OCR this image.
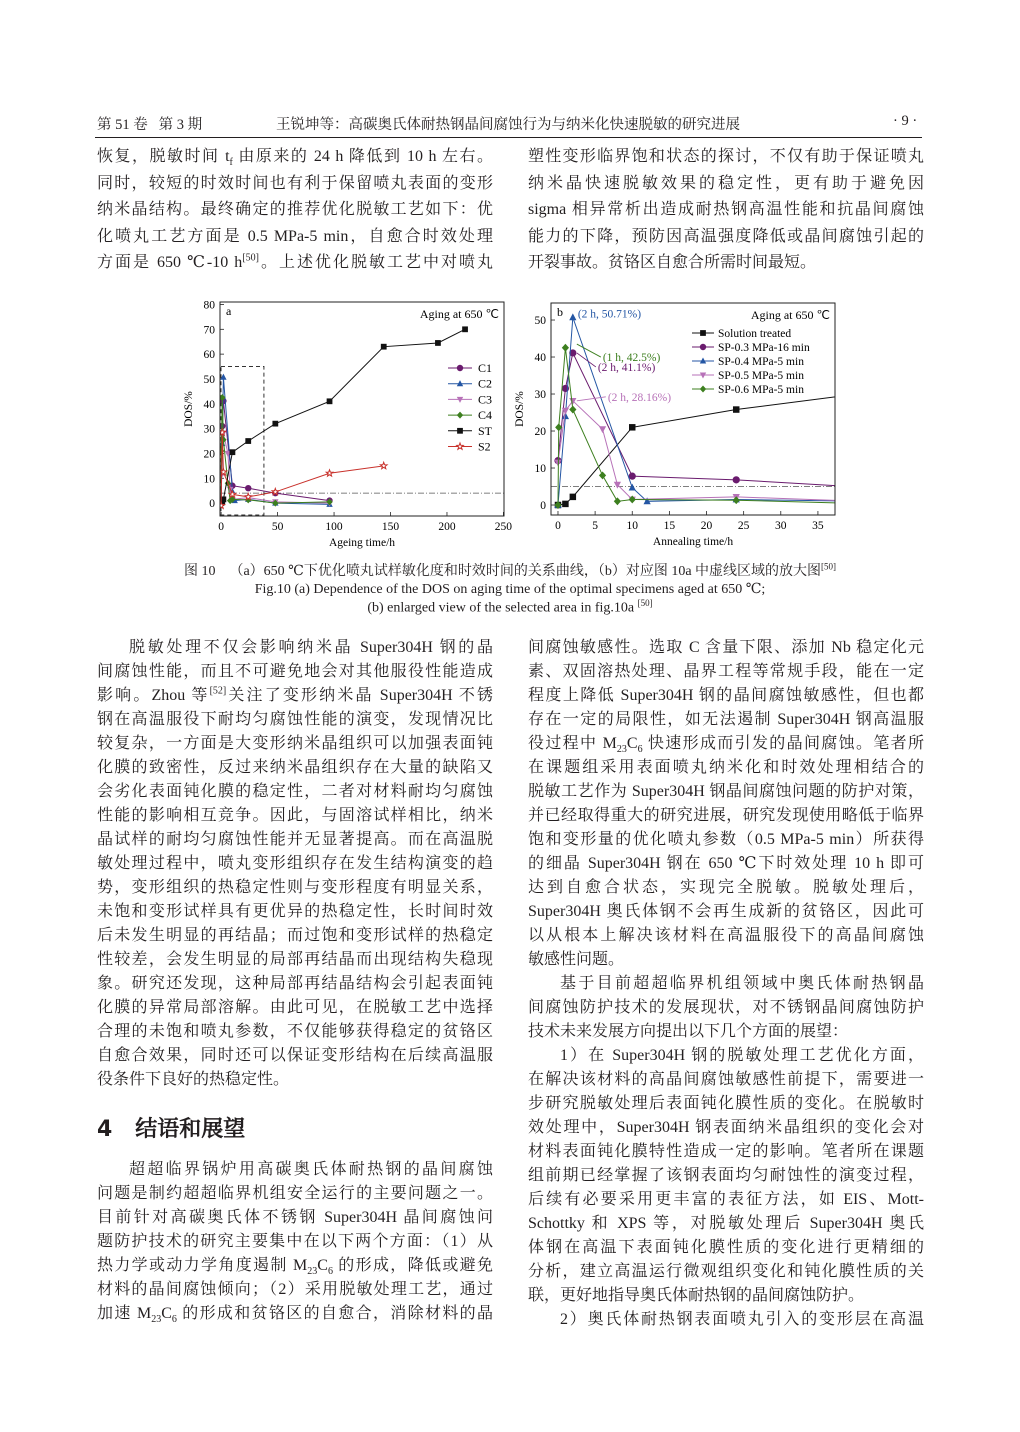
第 51 卷   第 3 期	王锐坤等：高碳奥氏体耐热钢晶间腐蚀行为与纳米化快速脱敏的研究进展	· 9 ·
恢复，脱敏时间 $t_f$ 由原来的 24 h 降低到 10 h 左右。
同时，较短的时效时间也有利于保留喷丸表面的变形
纳米晶结构。最终确定的推荐优化脱敏工艺如下：优
化喷丸工艺方面是 0.5 MPa-5 min，自愈合时效处理
方面是 650 ℃-10 h[50]。上述优化脱敏工艺中对喷丸
塑性变形临界饱和状态的探讨，不仅有助于保证喷丸
纳米晶快速脱敏效果的稳定性，更有助于避免因
sigma 相异常析出造成耐热钢高温性能和抗晶间腐蚀
能力的下降，预防因高温强度降低或晶间腐蚀引起的
开裂事故。贫铬区自愈合所需时间最短。
0
10
20
30
40
50
60
70
80
0	50	100	150	200	250
Ageing time/h
DOS/%
a	Aging at 650 ℃
C1
C2
C3
C4
ST
S2
0
10
20
30
40
50
0	5 10 15 20 25 30 35
Annealing time/h
DOS/%
b	Aging at 650 ℃
Solution treated
SP-0.3 MPa-16 min
SP-0.4 MPa-5 min
SP-0.5 MPa-5 min
SP-0.6 MPa-5 min
(2 h, 50.71%)
(1 h, 42.5%)
(2 h, 41.1%)
(2 h, 28.16%)
图 10    （a）650 ℃下优化喷丸试样敏化度和时效时间的关系曲线，（b）对应图 10a 中虚线区域的放大图[50]
Fig.10 (a) Dependence of the DOS on aging time of the optimal specimens aged at 650 ℃;
(b) enlarged view of the selected area in fig.10a [50]
脱敏处理不仅会影响纳米晶 Super304H 钢的晶
间腐蚀性能，而且不可避免地会对其他服役性能造成
影响。Zhou 等[52]关注了变形纳米晶 Super304H 不锈
钢在高温服役下耐均匀腐蚀性能的演变，发现情况比
较复杂，一方面是大变形纳米晶组织可以加强表面钝
化膜的致密性，反过来纳米晶组织存在大量的缺陷又
会劣化表面钝化膜的稳定性，二者对材料耐均匀腐蚀
性能的影响相互竞争。因此，与固溶试样相比，纳米
晶试样的耐均匀腐蚀性能并无显著提高。而在高温脱
敏处理过程中，喷丸变形组织存在发生结构演变的趋
势，变形组织的热稳定性则与变形程度有明显关系，
未饱和变形试样具有更优异的热稳定性，长时间时效
后未发生明显的再结晶；而过饱和变形试样的热稳定
性较差，会发生明显的局部再结晶而出现结构失稳现
象。研究还发现，这种局部再结晶结构会引起表面钝
化膜的异常局部溶解。由此可见，在脱敏工艺中选择
合理的未饱和喷丸参数，不仅能够获得稳定的贫铬区
自愈合效果，同时还可以保证变形结构在后续高温服
役条件下良好的热稳定性。
4 结语和展望
超超临界锅炉用高碳奥氏体耐热钢的晶间腐蚀
问题是制约超超临界机组安全运行的主要问题之一。
目前针对高碳奥氏体不锈钢 Super304H 晶间腐蚀问
题防护技术的研究主要集中在以下两个方面：（1）从
热力学或动力学角度遏制 $M_{23}C_6$ 的形成，降低或避免
材料的晶间腐蚀倾向；（2）采用脱敏处理工艺，通过
加速 $M_{23}C_6$ 的形成和贫铬区的自愈合，消除材料的晶
间腐蚀敏感性。选取 C 含量下限、添加 Nb 稳定化元
素、双固溶热处理、晶界工程等常规手段，能在一定
程度上降低 Super304H 钢的晶间腐蚀敏感性，但也都
存在一定的局限性，如无法遏制 Super304H 钢高温服
役过程中 $M_{23}C_6$ 快速形成而引发的晶间腐蚀。笔者所
在课题组采用表面喷丸纳米化和时效处理相结合的
脱敏工艺作为 Super304H 钢晶间腐蚀问题的防护对策，
并已经取得重大的研究进展，研究发现使用略低于临界
饱和变形量的优化喷丸参数（0.5 MPa-5 min）所获得
的细晶 Super304H 钢在 650 ℃下时效处理 10 h 即可
达到自愈合状态，实现完全脱敏。脱敏处理后，
Super304H 奥氏体钢不会再生成新的贫铬区，因此可
以从根本上解决该材料在高温服役下的高晶间腐蚀
敏感性问题。
基于目前超超临界机组领域中奥氏体耐热钢晶
间腐蚀防护技术的发展现状，对不锈钢晶间腐蚀防护
技术未来发展方向提出以下几个方面的展望：
1）在 Super304H 钢的脱敏处理工艺优化方面，
在解决该材料的高晶间腐蚀敏感性前提下，需要进一
步研究脱敏处理后表面钝化膜性质的变化。在脱敏时
效处理中，Super304H 钢表面纳米晶组织的变化会对
材料表面钝化膜特性造成一定的影响。笔者所在课题
组前期已经掌握了该钢表面均匀耐蚀性的演变过程，
后续有必要采用更丰富的表征方法，如 EIS、Mott-
Schottky 和 XPS 等，对脱敏处理后 Super304H 奥氏
体钢在高温下表面钝化膜性质的变化进行更精细的
分析，建立高温运行微观组织变化和钝化膜性质的关
联，更好地指导奥氏体耐热钢的晶间腐蚀防护。
2）奥氏体耐热钢表面喷丸引入的变形层在高温
